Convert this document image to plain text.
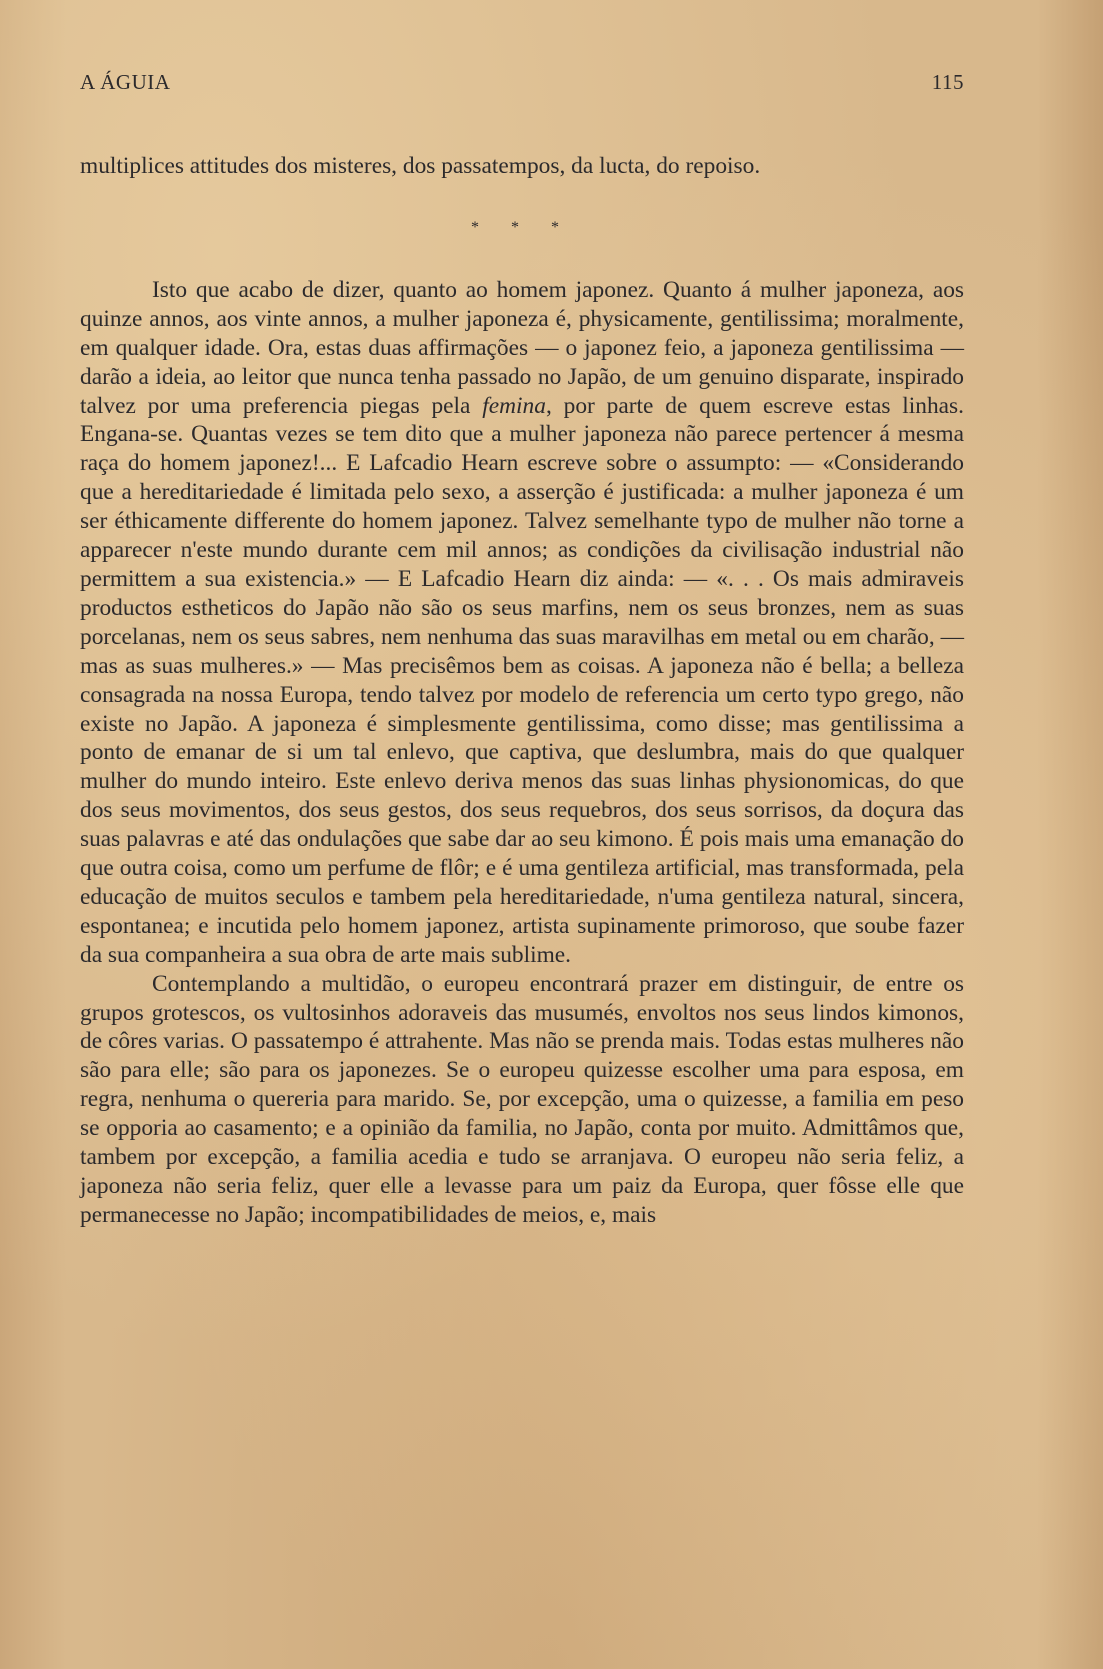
A ÁGUIA	115

multiplices attitudes dos misteres, dos passatempos, da lucta, do repoiso.

* * *

Isto que acabo de dizer, quanto ao homem japonez. Quanto á mulher japoneza, aos quinze annos, aos vinte annos, a mulher japoneza é, physicamente, gentilissima; moralmente, em qualquer idade. Ora, estas duas affirmações — o japonez feio, a japoneza gentilissima — darão a ideia, ao leitor que nunca tenha passado no Japão, de um genuino disparate, inspirado talvez por uma preferencia piegas pela femina, por parte de quem escreve estas linhas. Engana-se. Quantas vezes se tem dito que a mulher japoneza não parece pertencer á mesma raça do homem japonez!... E Lafcadio Hearn escreve sobre o assumpto: — «Considerando que a hereditariedade é limitada pelo sexo, a asserção é justificada: a mulher japoneza é um ser éthicamente differente do homem japonez. Talvez semelhante typo de mulher não torne a apparecer n'este mundo durante cem mil annos; as condições da civilisação industrial não permittem a sua existencia.» — E Lafcadio Hearn diz ainda: — «. . . Os mais admiraveis productos estheticos do Japão não são os seus marfins, nem os seus bronzes, nem as suas porcelanas, nem os seus sabres, nem nenhuma das suas maravilhas em metal ou em charão, — mas as suas mulheres.» — Mas precisêmos bem as coisas. A japoneza não é bella; a belleza consagrada na nossa Europa, tendo talvez por modelo de referencia um certo typo grego, não existe no Japão. A japoneza é simplesmente gentilissima, como disse; mas gentilissima a ponto de emanar de si um tal enlevo, que captiva, que deslumbra, mais do que qualquer mulher do mundo inteiro. Este enlevo deriva menos das suas linhas physionomicas, do que dos seus movimentos, dos seus gestos, dos seus requebros, dos seus sorrisos, da doçura das suas palavras e até das ondulações que sabe dar ao seu kimono. É pois mais uma emanação do que outra coisa, como um perfume de flôr; e é uma gentileza artificial, mas transformada, pela educação de muitos seculos e tambem pela hereditariedade, n'uma gentileza natural, sincera, espontanea; e incutida pelo homem japonez, artista supinamente primoroso, que soube fazer da sua companheira a sua obra de arte mais sublime.

Contemplando a multidão, o europeu encontrará prazer em distinguir, de entre os grupos grotescos, os vultosinhos adoraveis das musumés, envoltos nos seus lindos kimonos, de côres varias. O passatempo é attrahente. Mas não se prenda mais. Todas estas mulheres não são para elle; são para os japonezes. Se o europeu quizesse escolher uma para esposa, em regra, nenhuma o quereria para marido. Se, por excepção, uma o quizesse, a familia em peso se opporia ao casamento; e a opinião da familia, no Japão, conta por muito. Admittâmos que, tambem por excepção, a familia acedia e tudo se arranjava. O europeu não seria feliz, a japoneza não seria feliz, quer elle a levasse para um paiz da Europa, quer fôsse elle que permanecesse no Japão; incompatibilidades de meios, e, mais
